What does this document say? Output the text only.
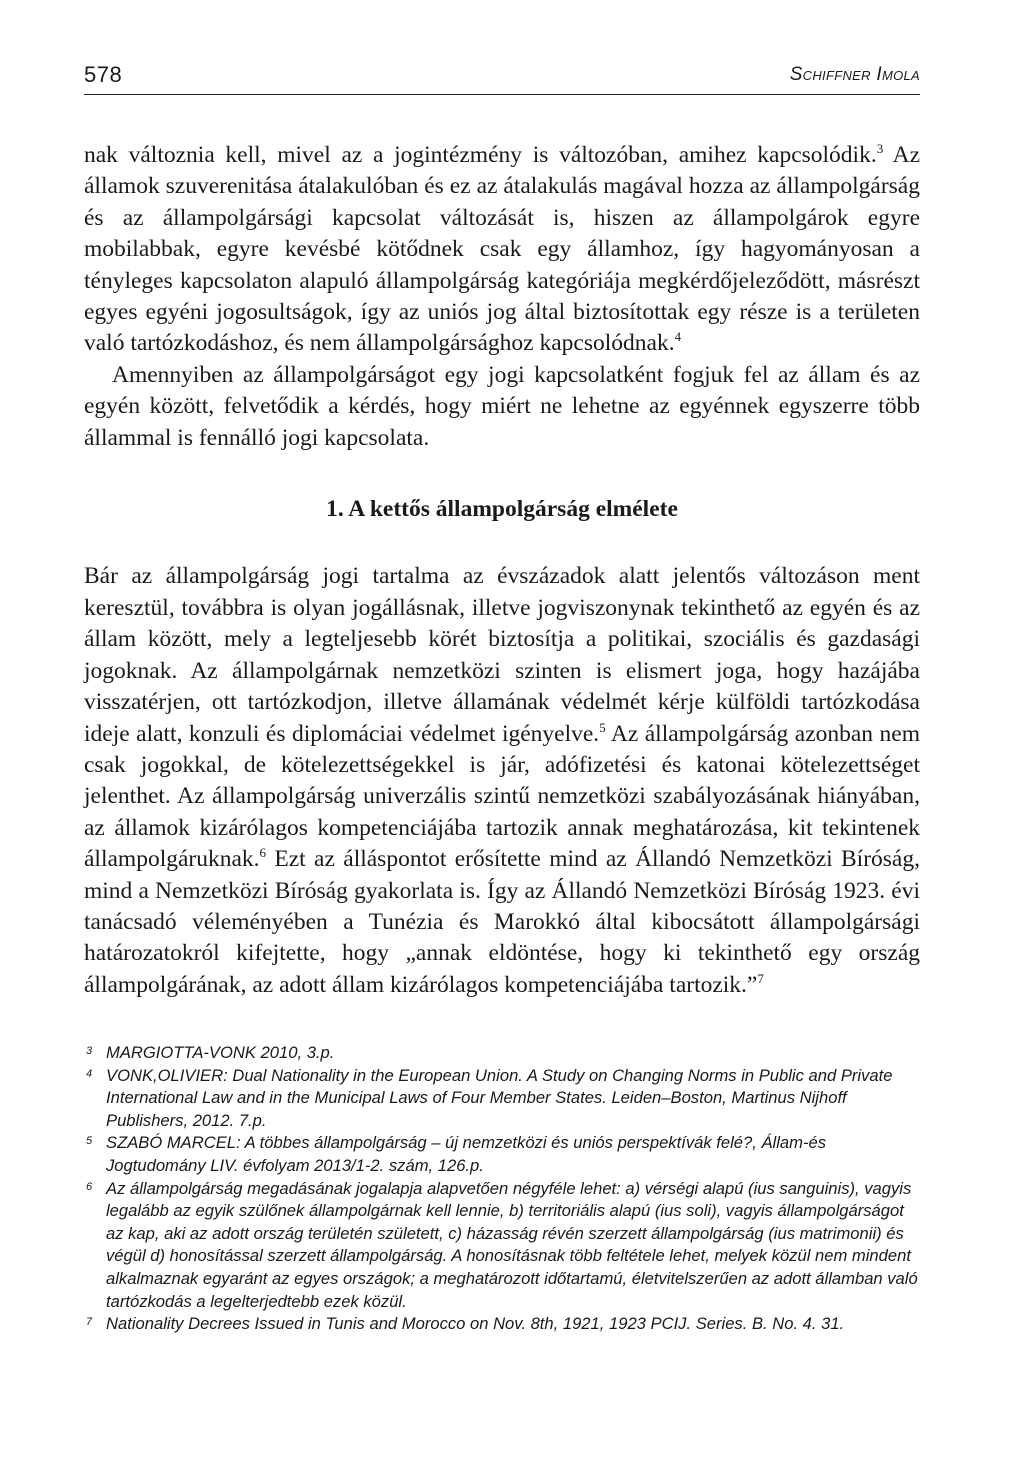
578	Schiffner Imola

nak változnia kell, mivel az a jogintézmény is változóban, amihez kapcsolódik.$^3$ Az államok szuverenitása átalakulóban és ez az átalakulás magával hozza az állampolgárság és az állampolgársági kapcsolat változását is, hiszen az állampolgárok egyre mobilabbak, egyre kevésbé kötődnek csak egy államhoz, így hagyományosan a tényleges kapcsolaton alapuló állampolgárság kategóriája megkérdőjeleződött, másrészt egyes egyéni jogosultságok, így az uniós jog által biztosítottak egy része is a területen való tartózkodáshoz, és nem állampolgársághoz kapcsolódnak.$^4$

Amennyiben az állampolgárságot egy jogi kapcsolatként fogjuk fel az állam és az egyén között, felvetődik a kérdés, hogy miért ne lehetne az egyénnek egyszerre több állammal is fennálló jogi kapcsolata.

1. A kettős állampolgárság elmélete

Bár az állampolgárság jogi tartalma az évszázadok alatt jelentős változáson ment keresztül, továbbra is olyan jogállásnak, illetve jogviszonynak tekinthető az egyén és az állam között, mely a legteljesebb körét biztosítja a politikai, szociális és gazdasági jogoknak. Az állampolgárnak nemzetközi szinten is elismert joga, hogy hazájába visszatérjen, ott tartózkodjon, illetve államának védelmét kérje külföldi tartózkodása ideje alatt, konzuli és diplomáciai védelmet igényelve.$^5$ Az állampolgárság azonban nem csak jogokkal, de kötelezettségekkel is jár, adófizetési és katonai kötelezettséget jelenthet. Az állampolgárság univerzális szintű nemzetközi szabályozásának hiányában, az államok kizárólagos kompetenciájába tartozik annak meghatározása, kit tekintenek állampolgáruknak.$^6$ Ezt az álláspontot erősítette mind az Állandó Nemzetközi Bíróság, mind a Nemzetközi Bíróság gyakorlata is. Így az Állandó Nemzetközi Bíróság 1923. évi tanácsadó véleményében a Tunézia és Marokkó által kibocsátott állampolgársági határozatokról kifejtette, hogy „annak eldöntése, hogy ki tekinthető egy ország állampolgárának, az adott állam kizárólagos kompetenciájába tartozik.”$^7$

3 MARGIOTTA-VONK 2010, 3.p.

4 VONK,OLIVIER: Dual Nationality in the European Union. A Study on Changing Norms in Public and Private International Law and in the Municipal Laws of Four Member States. Leiden–Boston, Martinus Nijhoff Publishers, 2012. 7.p.

5 SZABÓ MARCEL: A többes állampolgárság – új nemzetközi és uniós perspektívák felé?, Állam-és Jogtudomány LIV. évfolyam 2013/1-2. szám, 126.p.

6 Az állampolgárság megadásának jogalapja alapvetően négyféle lehet: a) vérségi alapú (ius sanguinis), vagyis legalább az egyik szülőnek állampolgárnak kell lennie, b) territoriális alapú (ius soli), vagyis állampolgárságot az kap, aki az adott ország területén született, c) házasság révén szerzett állampolgárság (ius matrimonii) és végül d) honosítással szerzett állampolgárság. A honosításnak több feltétele lehet, melyek közül nem mindent alkalmaznak egyaránt az egyes országok; a meghatározott időtartamú, életvitelszerűen az adott államban való tartózkodás a legelterjedtebb ezek közül.

7 Nationality Decrees Issued in Tunis and Morocco on Nov. 8th, 1921, 1923 PCIJ. Series. B. No. 4. 31.
